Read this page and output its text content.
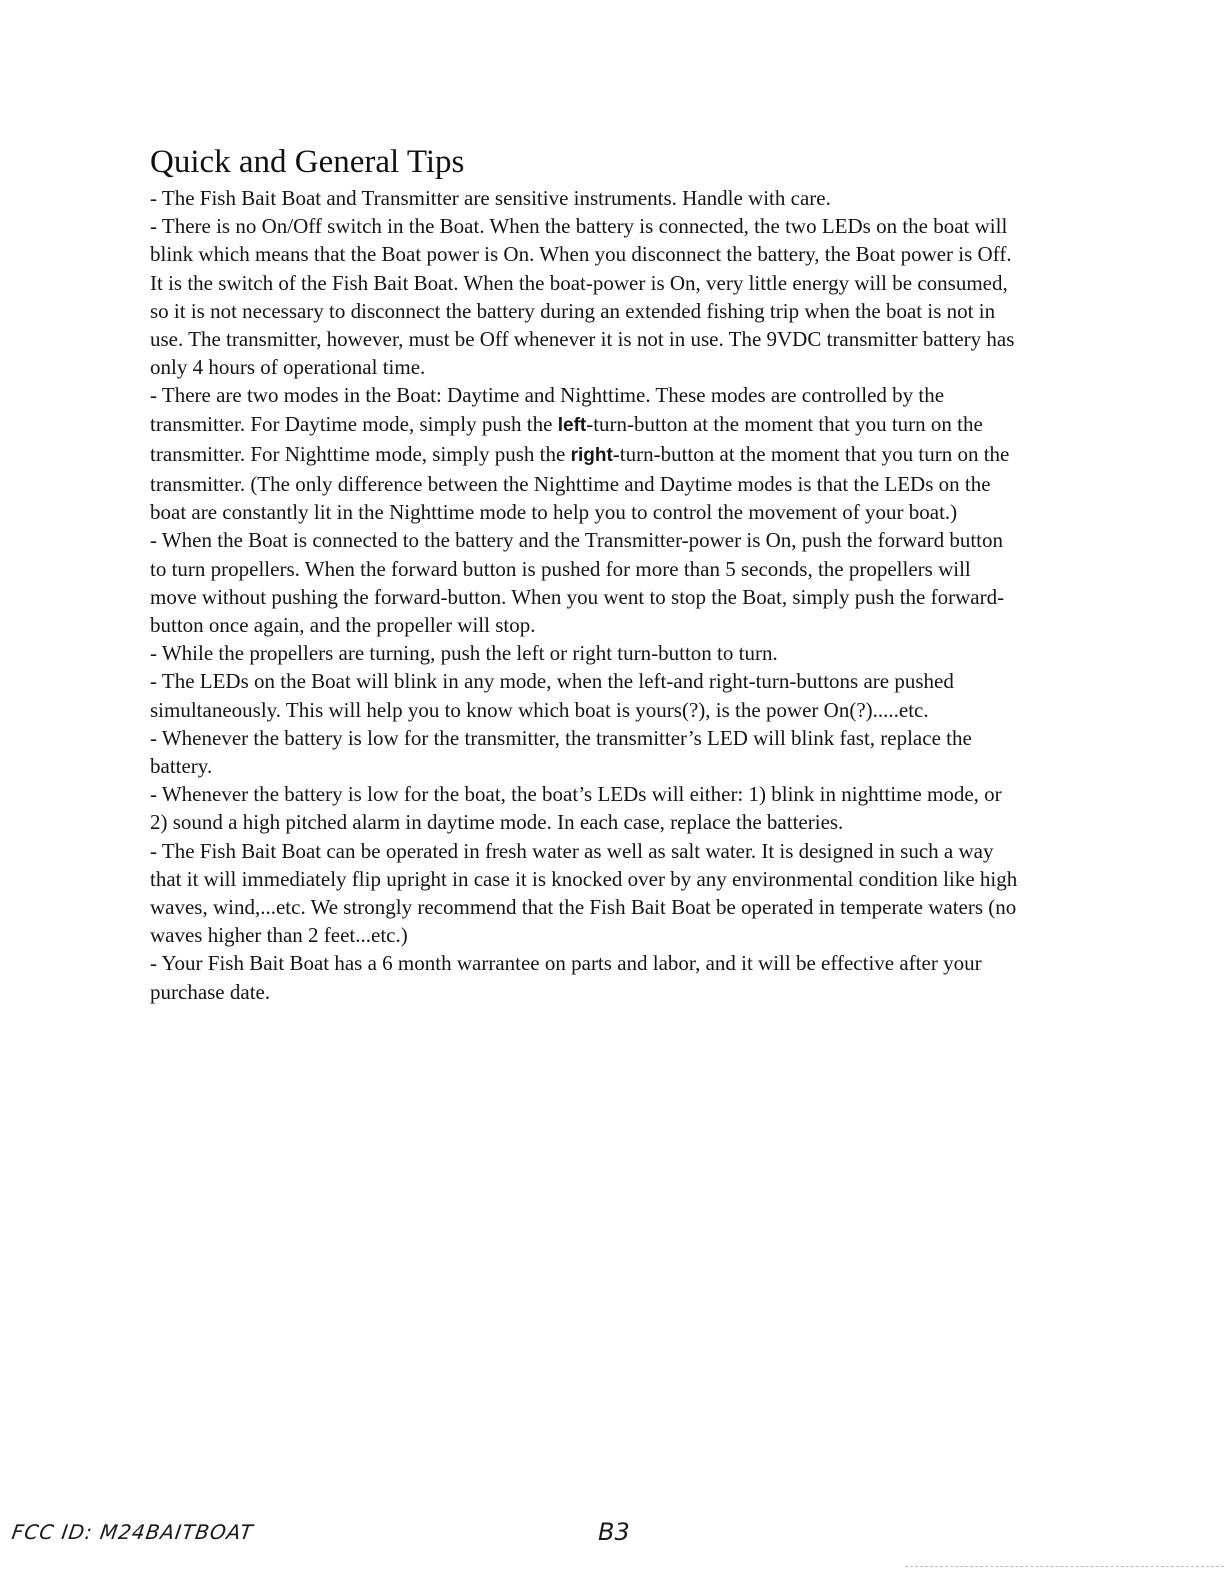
Quick and General Tips

- The Fish Bait Boat and Transmitter are sensitive instruments. Handle with care.

- There is no On/Off switch in the Boat. When the battery is connected, the two LEDs on the boat will blink which means that the Boat power is On. When you disconnect the battery, the Boat power is Off. It is the switch of the Fish Bait Boat. When the boat-power is On, very little energy will be consumed, so it is not necessary to disconnect the battery during an extended fishing trip when the boat is not in use. The transmitter, however, must be Off whenever it is not in use. The 9VDC transmitter battery has only 4 hours of operational time.

- There are two modes in the Boat: Daytime and Nighttime. These modes are controlled by the transmitter. For Daytime mode, simply push the left-turn-button at the moment that you turn on the transmitter. For Nighttime mode, simply push the right-turn-button at the moment that you turn on the transmitter. (The only difference between the Nighttime and Daytime modes is that the LEDs on the boat are constantly lit in the Nighttime mode to help you to control the movement of your boat.)

- When the Boat is connected to the battery and the Transmitter-power is On, push the forward button to turn propellers. When the forward button is pushed for more than 5 seconds, the propellers will move without pushing the forward-button. When you went to stop the Boat, simply push the forward-button once again, and the propeller will stop.

- While the propellers are turning, push the left or right turn-button to turn.

- The LEDs on the Boat will blink in any mode, when the left-and right-turn-buttons are pushed simultaneously. This will help you to know which boat is yours(?), is the power On(?).....etc.

- Whenever the battery is low for the transmitter, the transmitter’s LED will blink fast, replace the battery.

- Whenever the battery is low for the boat, the boat’s LEDs will either: 1) blink in nighttime mode, or 2) sound a high pitched alarm in daytime mode. In each case, replace the batteries.

- The Fish Bait Boat can be operated in fresh water as well as salt water. It is designed in such a way that it will immediately flip upright in case it is knocked over by any environmental condition like high waves, wind,...etc. We strongly recommend that the Fish Bait Boat be operated in temperate waters (no waves higher than 2 feet...etc.)

- Your Fish Bait Boat has a 6 month warrantee on parts and labor, and it will be effective after your purchase date.

FCC ID: M24BAITBOAT	B3
